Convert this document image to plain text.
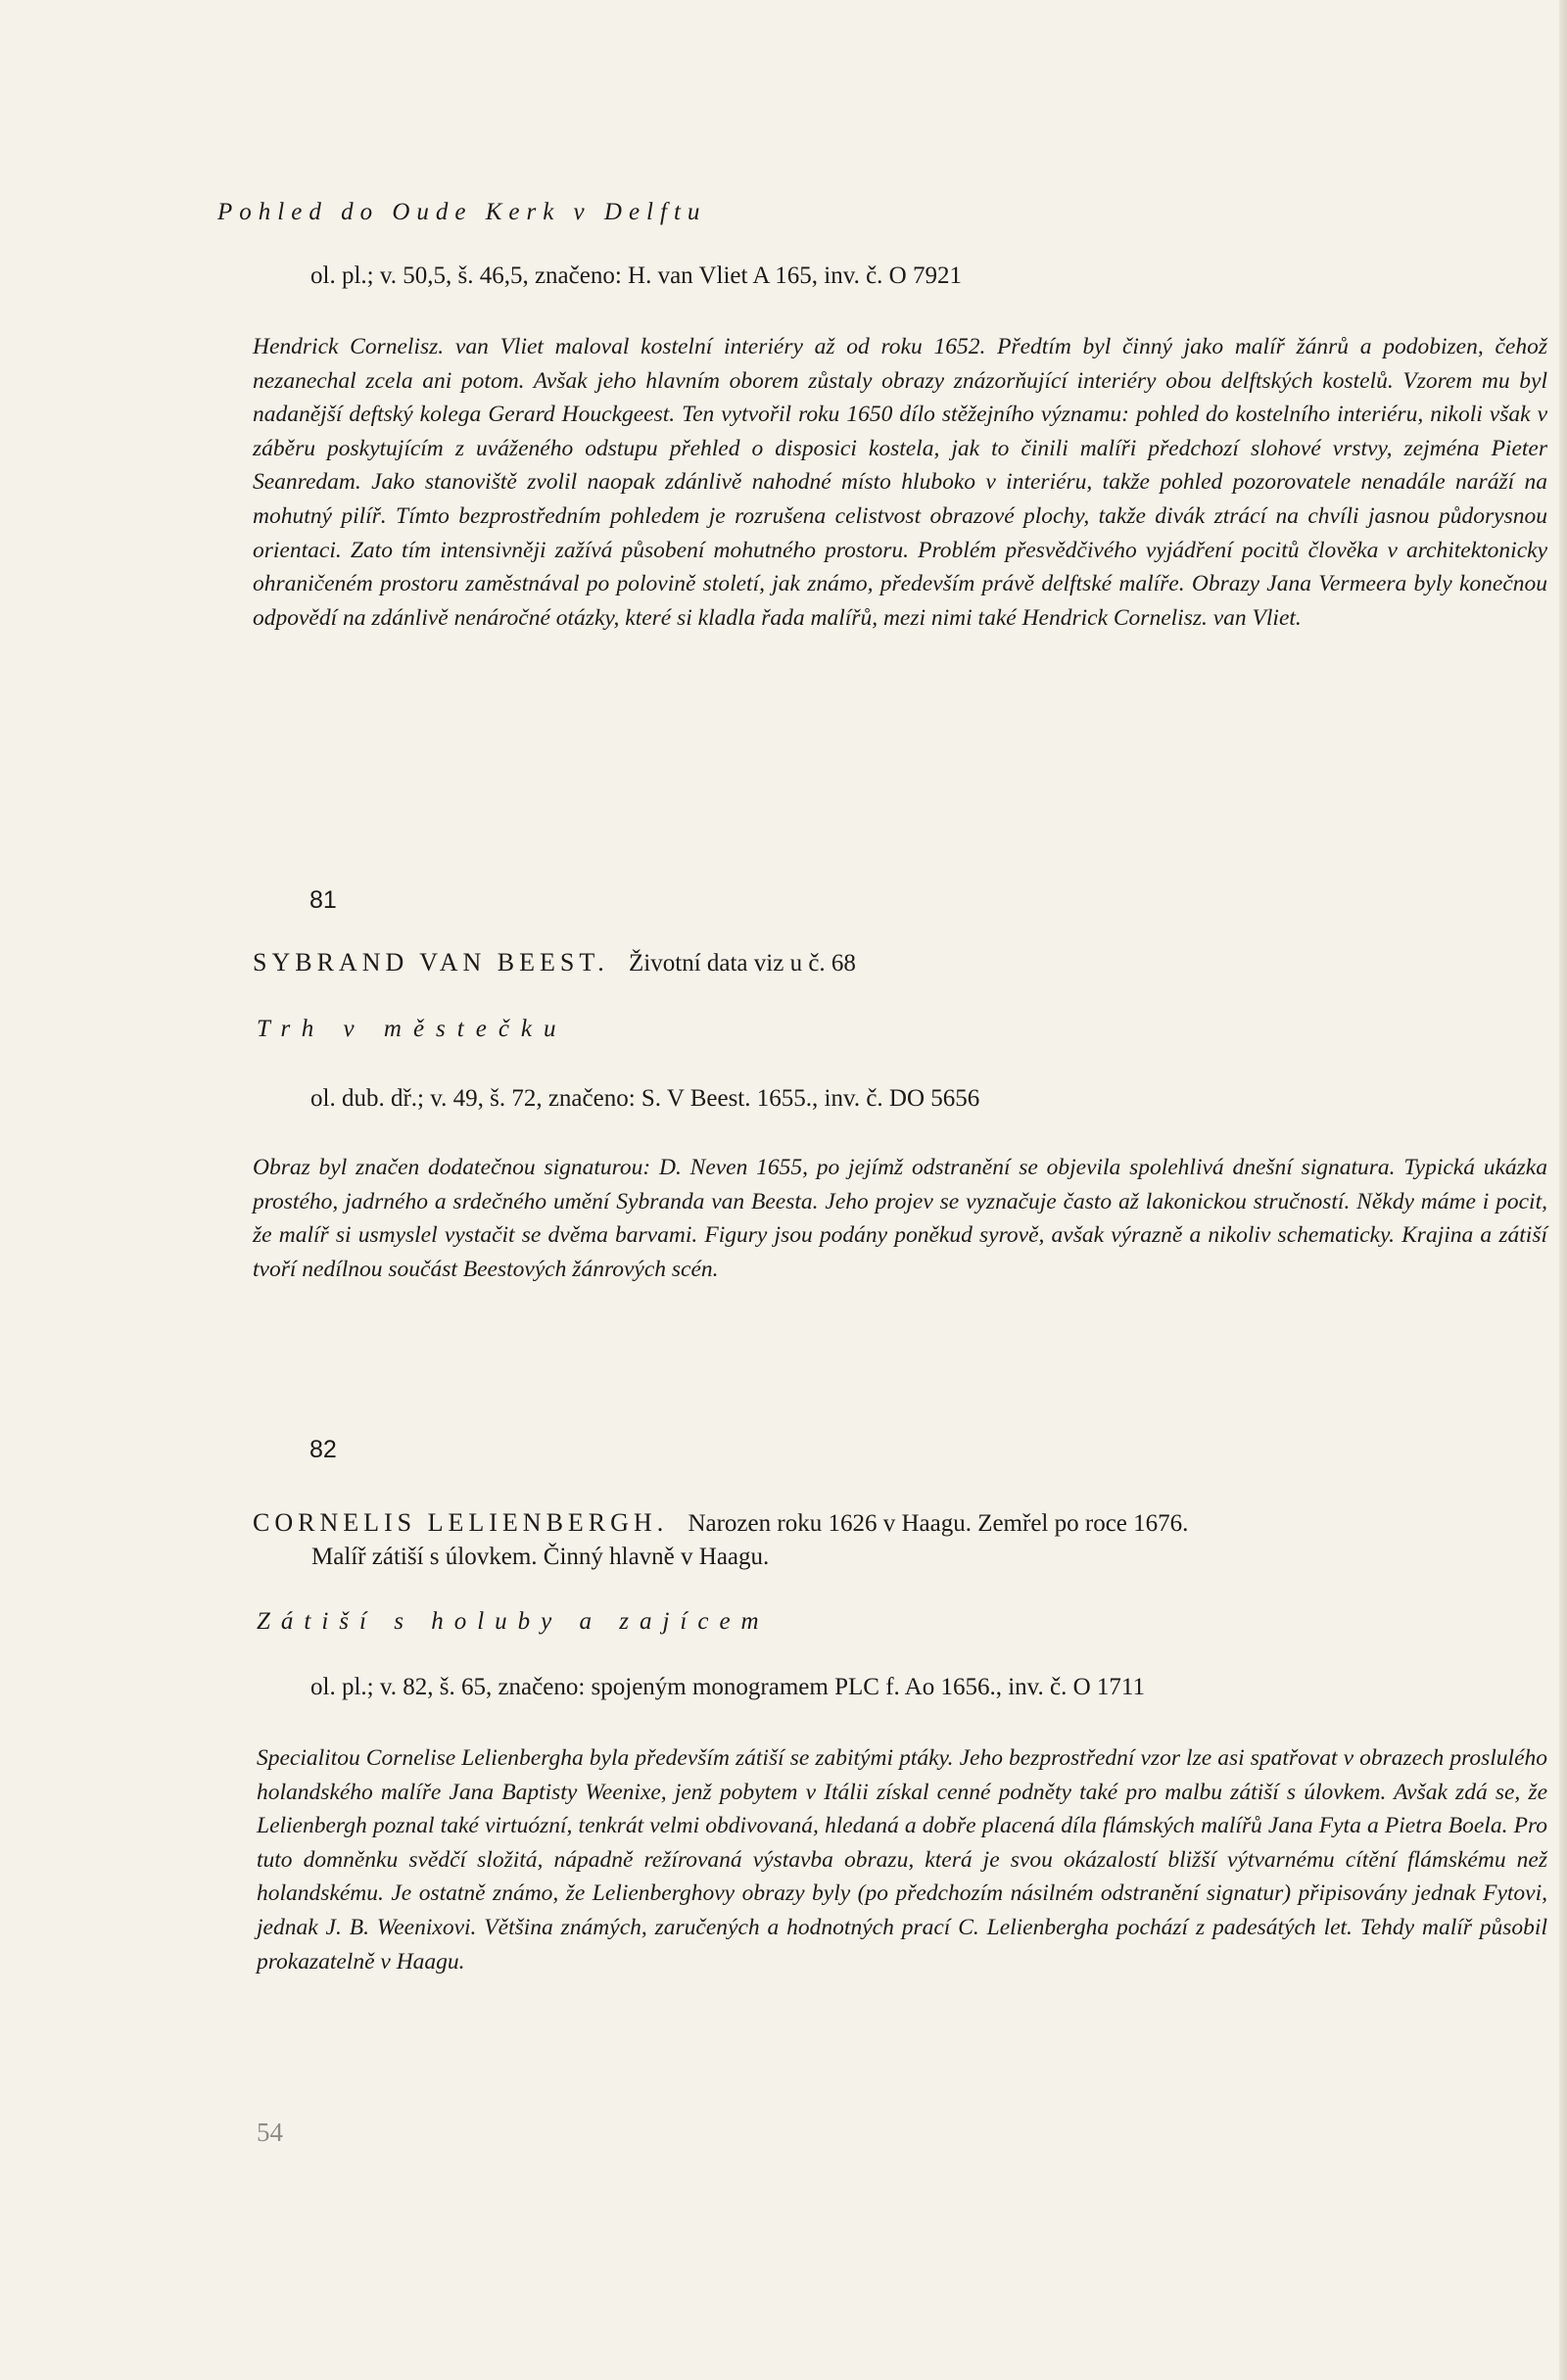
Pohled do Oude Kerk v Delftu
ol. pl.; v. 50,5, š. 46,5, značeno: H. van Vliet A 165, inv. č. O 7921
Hendrick Cornelisz. van Vliet maloval kostelní interiéry až od roku 1652. Předtím byl činný jako malíř žánrů a podobizen, čehož nezanechal zcela ani potom. Avšak jeho hlavním oborem zůstaly obrazy znázorňující interiéry obou delftských kostelů. Vzorem mu byl nadanější deftský kolega Gerard Houckgeest. Ten vytvořil roku 1650 dílo stěžejního významu: pohled do kostelního interiéru, nikoli však v záběru poskytujícím z uváženého odstupu přehled o disposici kostela, jak to činili malíři předchozí slohové vrstvy, zejména Pieter Seanredam. Jako stanoviště zvolil naopak zdánlivě nahodné místo hluboko v interiéru, takže pohled pozorovatele nenadále naráží na mohutný pilíř. Tímto bezprostředním pohledem je rozrušena celistvost obrazové plochy, takže divák ztrácí na chvíli jasnou půdorysnou orientaci. Zato tím intensivněji zažívá působení mohutného prostoru. Problém přesvědčivého vyjádření pocitů člověka v architektonicky ohraničeném prostoru zaměstnával po polovině století, jak známo, především právě delftské malíře. Obrazy Jana Vermeera byly konečnou odpovědí na zdánlivě nenáročné otázky, které si kladla řada malířů, mezi nimi také Hendrick Cornelisz. van Vliet.
81
SYBRAND VAN BEEST. Životní data viz u č. 68
Trh v městečku
ol. dub. dř.; v. 49, š. 72, značeno: S. V Beest. 1655., inv. č. DO 5656
Obraz byl značen dodatečnou signaturou: D. Neven 1655, po jejímž odstranění se objevila spolehlivá dnešní signatura. Typická ukázka prostého, jadrného a srdečného umění Sybranda van Beesta. Jeho projev se vyznačuje často až lakonickou stručností. Někdy máme i pocit, že malíř si usmyslel vystačit se dvěma barvami. Figury jsou podány poněkud syrově, avšak výrazně a nikoliv schematicky. Krajina a zátiší tvoří nedílnou součást Beestových žánrových scén.
82
CORNELIS LELIENBERGH. Narozen roku 1626 v Haagu. Zemřel po roce 1676.
Malíř zátiší s úlovkem. Činný hlavně v Haagu.
Zátiší s holuby a zajícem
ol. pl.; v. 82, š. 65, značeno: spojeným monogramem PLC f. Ao 1656., inv. č. O 1711
Specialitou Cornelise Lelienbergha byla především zátiší se zabitými ptáky. Jeho bezprostřední vzor lze asi spatřovat v obrazech proslulého holandského malíře Jana Baptisty Weenixe, jenž pobytem v Itálii získal cenné podněty také pro malbu zátiší s úlovkem. Avšak zdá se, že Lelienbergh poznal také virtuózní, tenkrát velmi obdivovaná, hledaná a dobře placená díla flámských malířů Jana Fyta a Pietra Boela. Pro tuto domněnku svědčí složitá, nápadně režírovaná výstavba obrazu, která je svou okázalostí bližší výtvarnému cítění flámskému než holandskému. Je ostatně známo, že Lelienberghovy obrazy byly (po předchozím násilném odstranění signatur) připisovány jednak Fytovi, jednak J. B. Weenixovi. Většina známých, zaručených a hodnotných prací C. Lelienbergha pochází z padesátých let. Tehdy malíř působil prokazatelně v Haagu.
54
